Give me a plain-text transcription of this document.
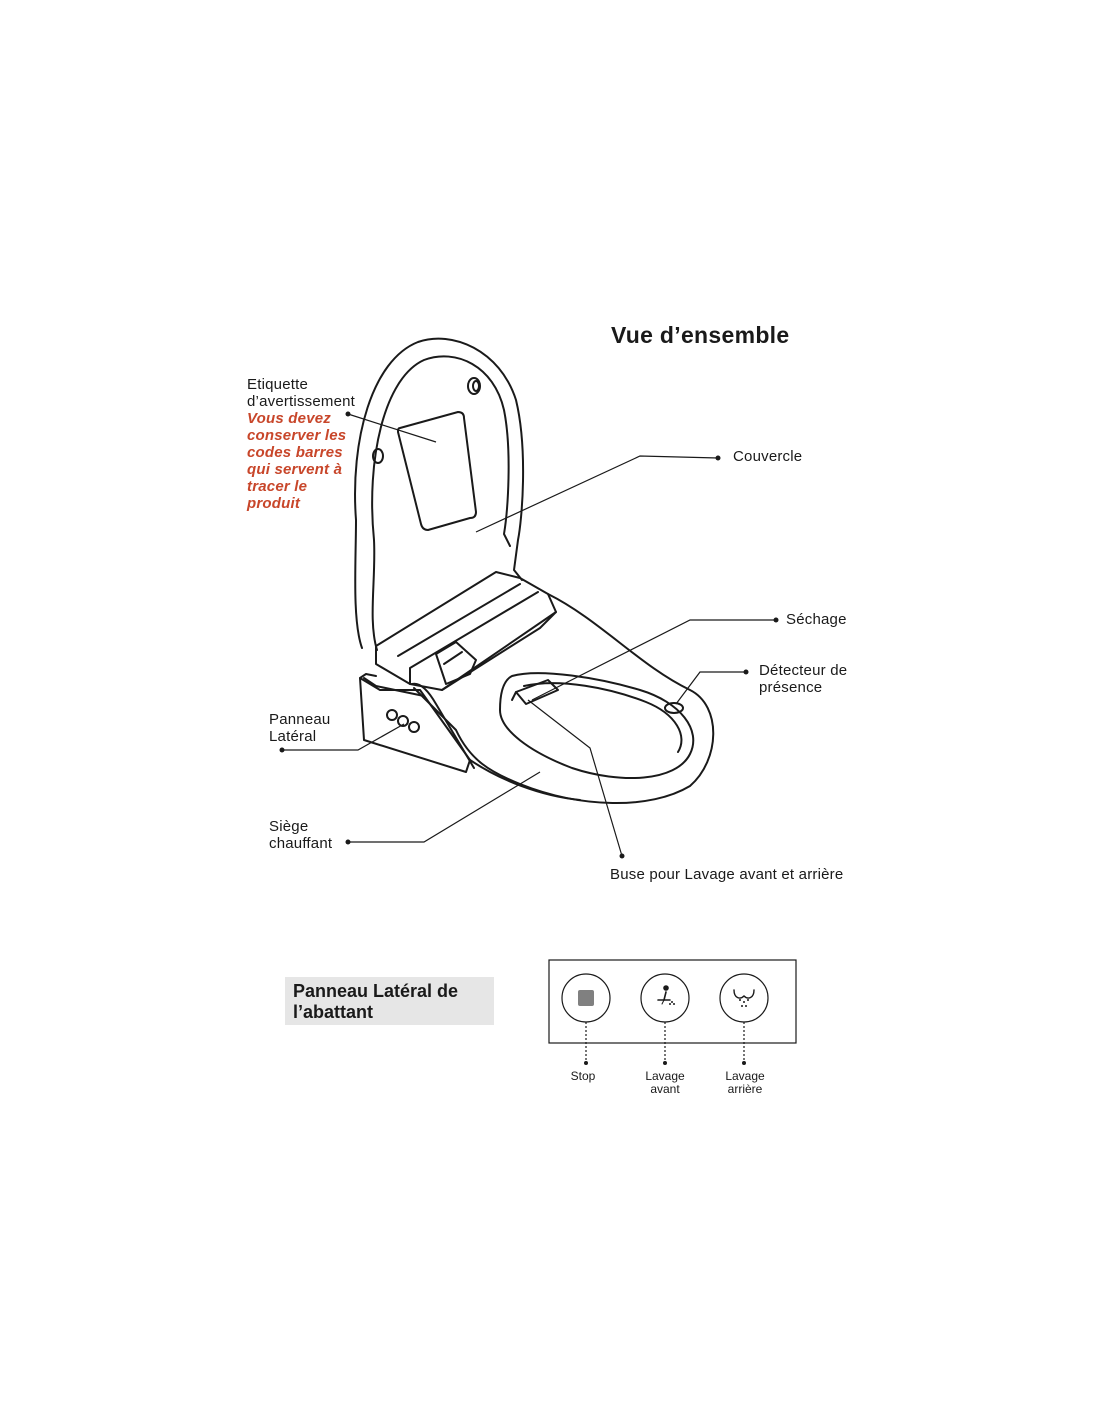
Vue d’ensemble
Etiquette
d’avertissement
Vous devez
conserver les
codes barres
qui servent à
tracer le
produit
Couvercle
Séchage
Détecteur de
présence
Panneau
Latéral
Siège
chauffant
Buse pour Lavage avant et arrière
Panneau Latéral de
l’abattant
Stop	Lavage
avant
Lavage
arrière
